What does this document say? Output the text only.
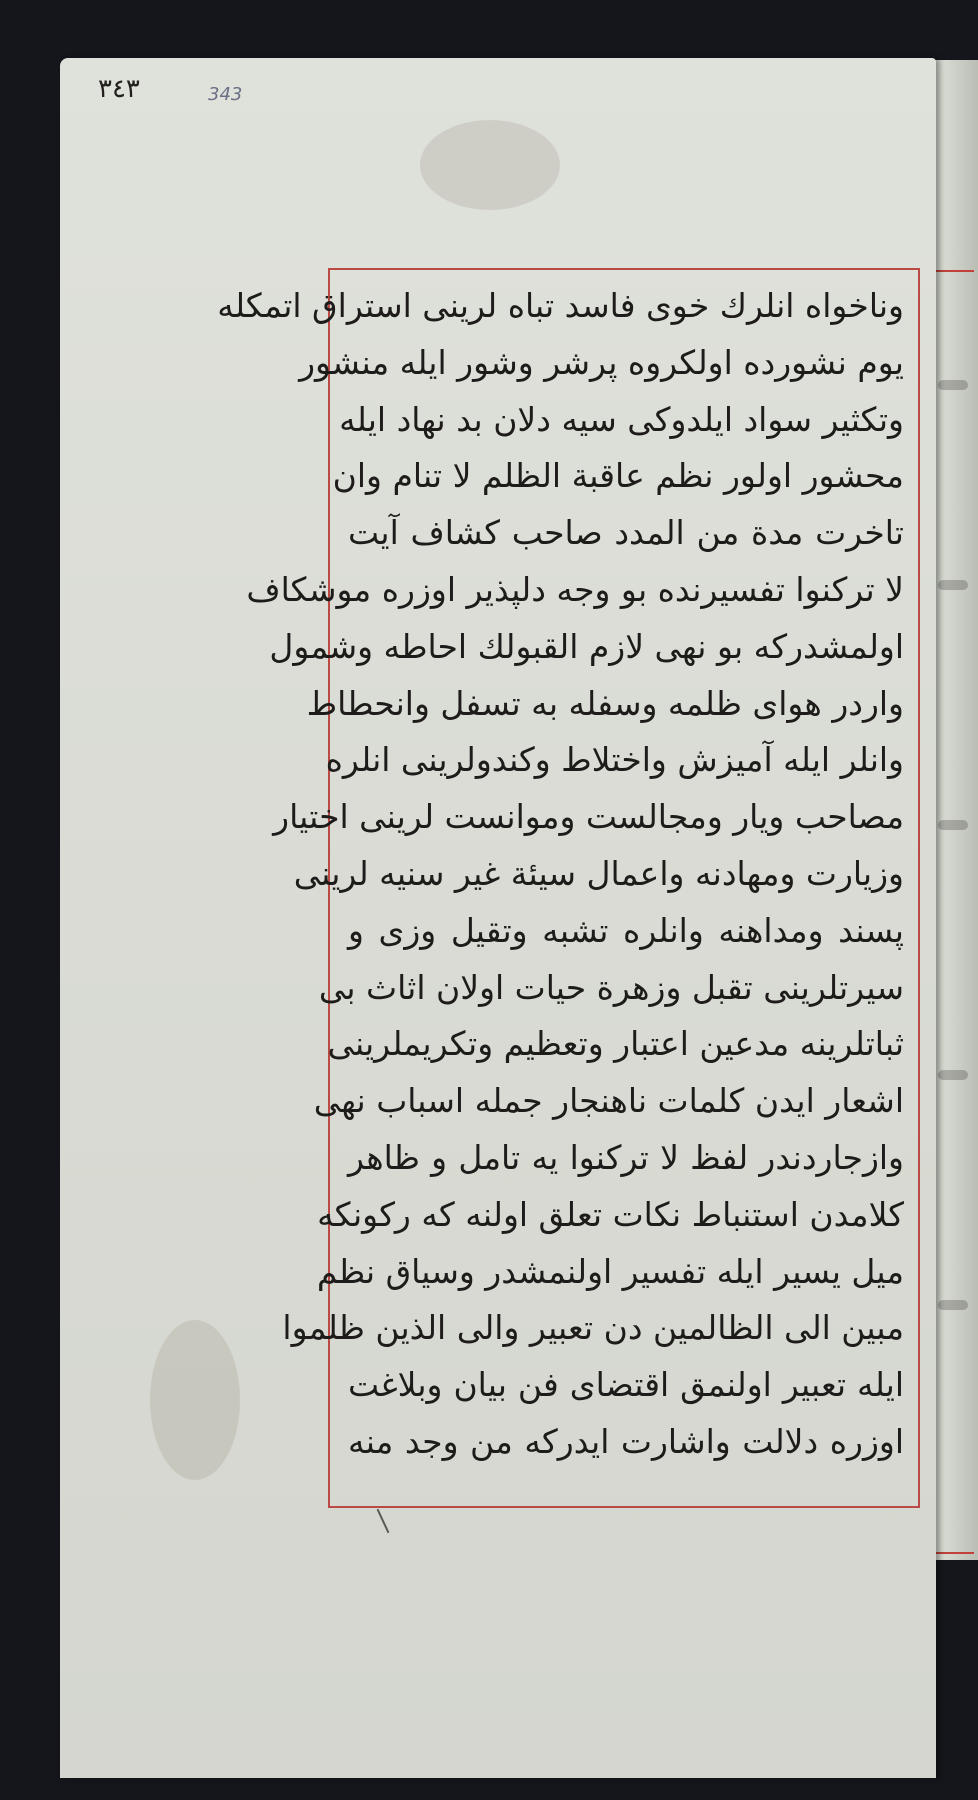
٣٤٣	343
وناخواه انلرك خوى فاسد تباه لرينى استراق اتمكله
يوم نشورده اولكروه پرشر وشور ايله منشور
وتكثير سواد ايلدوكى سيه دلان بد نهاد ايله
محشور اولور نظم عاقبة الظلم لا تنام وان
تاخرت مدة من المدد صاحب كشاف آيت
لا تركنوا تفسيرنده بو وجه دلپذير اوزره موشكاف
اولمشدركه بو نهى لازم القبولك احاطه وشمول
واردر هواى ظلمه وسفله به تسفل وانحطاط
وانلر ايله آميزش واختلاط وكندولرينى انلره
مصاحب ويار ومجالست وموانست لرينى اختيار
وزيارت ومهادنه واعمال سيئة غير سنيه لرينى
پسند ومداهنه وانلره تشبه وتقيل وزى و
سيرتلرينى تقبل وزهرة حيات اولان اثاث بى
ثباتلرينه مدعين اعتبار وتعظيم وتكريملرينى
اشعار ايدن كلمات ناهنجار جمله اسباب نهى
وازجاردندر لفظ لا تركنوا يه تامل و ظاهر
كلامدن استنباط نكات تعلق اولنه كه ركونكه
ميل يسير ايله تفسير اولنمشدر وسياق نظم
مبين الى الظالمين دن تعبير والى الذين ظلموا
ايله تعبير اولنمق اقتضاى فن بيان وبلاغت
اوزره دلالت واشارت ايدركه من وجد منه
